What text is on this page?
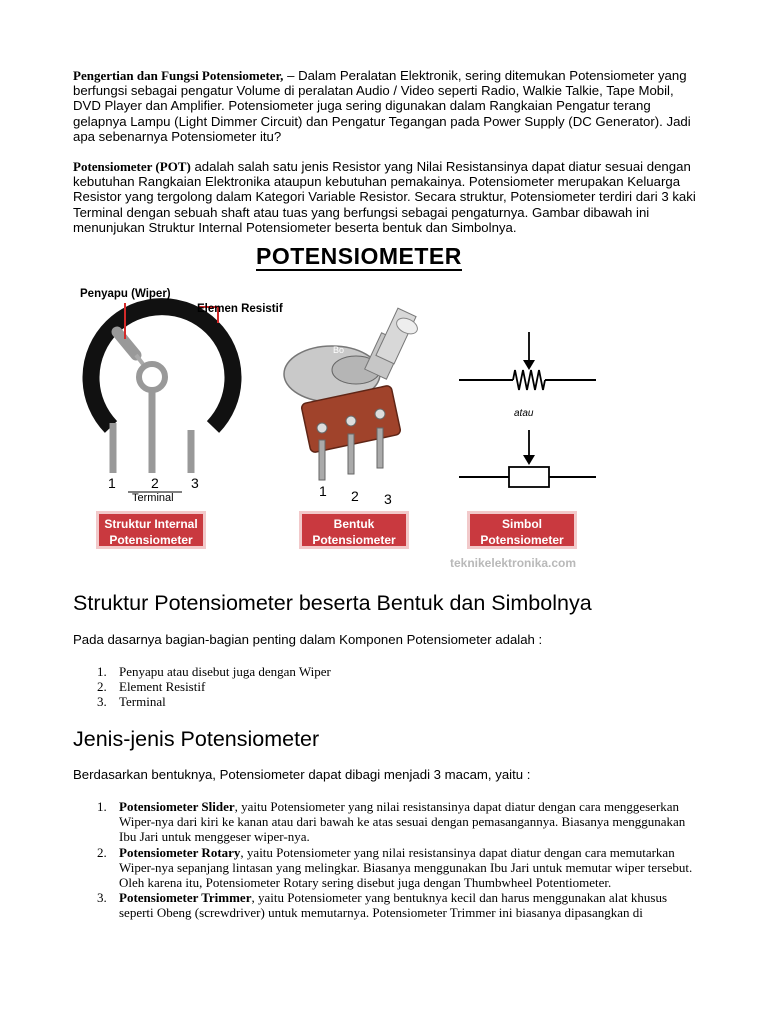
Pengertian dan Fungsi Potensiometer, – Dalam Peralatan Elektronik, sering ditemukan Potensiometer yang berfungsi sebagai pengatur Volume di peralatan Audio / Video seperti Radio, Walkie Talkie, Tape Mobil, DVD Player dan Amplifier. Potensiometer juga sering digunakan dalam Rangkaian Pengatur terang gelapnya Lampu (Light Dimmer Circuit) dan Pengatur Tegangan pada Power Supply (DC Generator). Jadi apa sebenarnya Potensiometer itu?

Potensiometer (POT) adalah salah satu jenis Resistor yang Nilai Resistansinya dapat diatur sesuai dengan kebutuhan Rangkaian Elektronika ataupun kebutuhan pemakainya. Potensiometer merupakan Keluarga Resistor yang tergolong dalam Kategori Variable Resistor. Secara struktur, Potensiometer terdiri dari 3 kaki Terminal dengan sebuah shaft atau tuas yang berfungsi sebagai pengaturnya. Gambar dibawah ini menunjukan Struktur Internal Potensiometer beserta bentuk dan Simbolnya.

POTENSIOMETER
Penyapu (Wiper)
Elemen Resistif
1	2 3
Terminal
Bo
1 2 3
atau
Struktur Internal
Potensiometer
Bentuk
Potensiometer
Simbol
Potensiometer
teknikelektronika.com
Struktur Potensiometer beserta Bentuk dan Simbolnya

Pada dasarnya bagian-bagian penting dalam Komponen Potensiometer adalah :

1. Penyapu atau disebut juga dengan Wiper
2. Element Resistif
3. Terminal
Jenis-jenis Potensiometer

Berdasarkan bentuknya, Potensiometer dapat dibagi menjadi 3 macam, yaitu :

1. Potensiometer Slider, yaitu Potensiometer yang nilai resistansinya dapat diatur dengan cara menggeserkan Wiper-nya dari kiri ke kanan atau dari bawah ke atas sesuai dengan pemasangannya. Biasanya menggunakan Ibu Jari untuk menggeser wiper-nya.
2. Potensiometer Rotary, yaitu Potensiometer yang nilai resistansinya dapat diatur dengan cara memutarkan Wiper-nya sepanjang lintasan yang melingkar. Biasanya menggunakan Ibu Jari untuk memutar wiper tersebut. Oleh karena itu, Potensiometer Rotary sering disebut juga dengan Thumbwheel Potentiometer.
3. Potensiometer Trimmer, yaitu Potensiometer yang bentuknya kecil dan harus menggunakan alat khusus seperti Obeng (screwdriver) untuk memutarnya. Potensiometer Trimmer ini biasanya dipasangkan di
